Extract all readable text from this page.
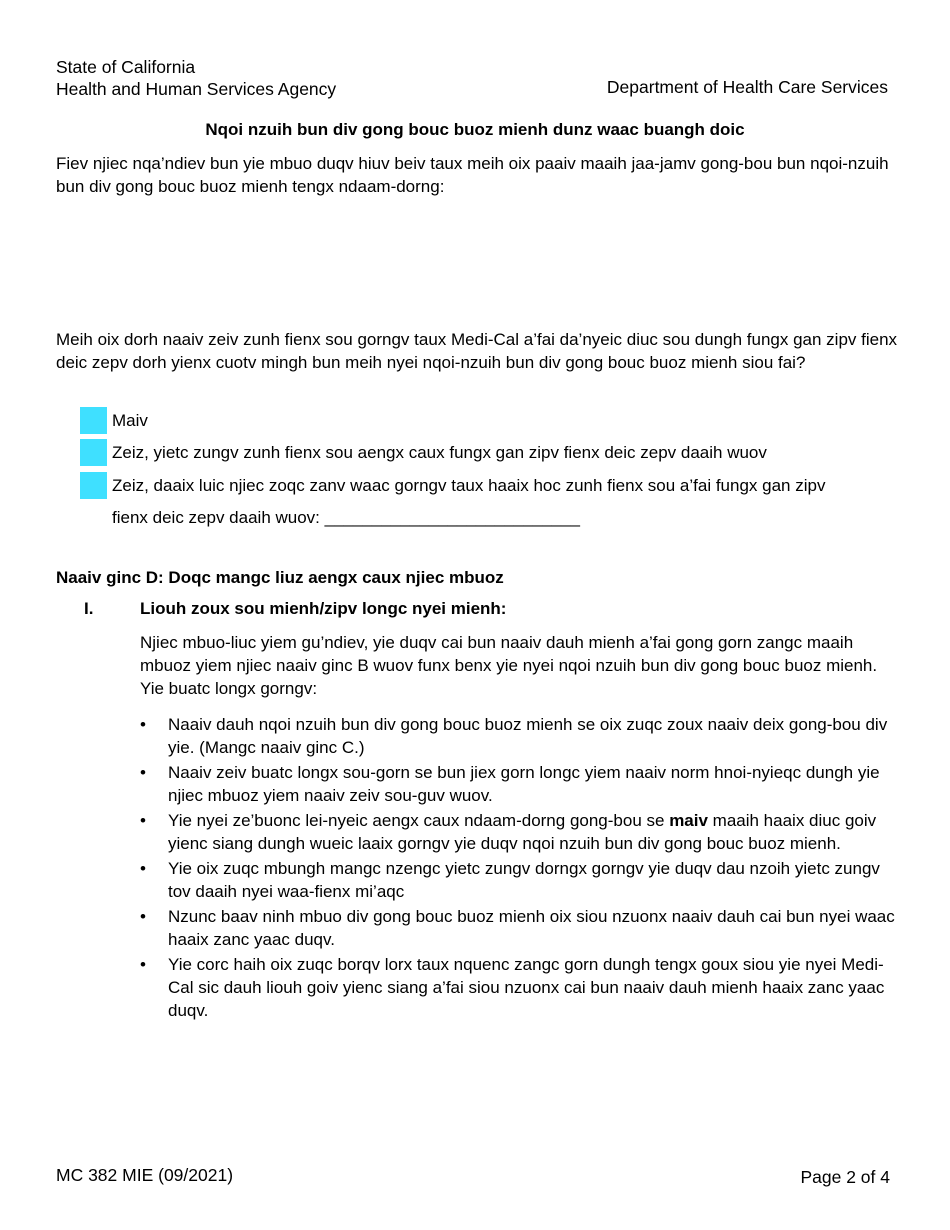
State of California
Health and Human Services Agency	Department of Health Care Services
Nqoi nzuih bun div gong bouc buoz mienh dunz waac buangh doic
Fiev njiec nqa’ndiev bun yie mbuo duqv hiuv beiv taux meih oix paaiv maaih jaa-jamv gong-bou bun nqoi-nzuih bun div gong bouc buoz mienh tengx ndaam-dorng:
Meih oix dorh naaiv zeiv zunh fienx sou gorngv taux Medi-Cal a’fai da’nyeic diuc sou dungh fungx gan zipv fienx deic zepv dorh yienx cuotv mingh bun meih nyei nqoi-nzuih bun div gong bouc buoz mienh siou fai?
Maiv
Zeiz, yietc zungv zunh fienx sou aengx caux fungx gan zipv fienx deic zepv daaih wuov
Zeiz, daaix luic njiec zoqc zanv waac gorngv taux haaix hoc zunh fienx sou a’fai fungx gan zipv
fienx deic zepv daaih wuov: ___________________________
Naaiv ginc D: Doqc mangc liuz aengx caux njiec mbuoz
I.	Liouh zoux sou mienh/zipv longc nyei mienh:
Njiec mbuo-liuc yiem gu’ndiev, yie duqv cai bun naaiv dauh mienh a’fai gong gorn zangc maaih mbuoz yiem njiec naaiv ginc B wuov funx benx yie nyei nqoi nzuih bun div gong bouc buoz mienh. Yie buatc longx gorngv:
• Naaiv dauh nqoi nzuih bun div gong bouc buoz mienh se oix zuqc zoux naaiv deix gong-bou div yie. (Mangc naaiv ginc C.)
• Naaiv zeiv buatc longx sou-gorn se bun jiex gorn longc yiem naaiv norm hnoi-nyieqc dungh yie njiec mbuoz yiem naaiv zeiv sou-guv wuov.
• Yie nyei ze’buonc lei-nyeic aengx caux ndaam-dorng gong-bou se maiv maaih haaix diuc goiv yienc siang dungh wueic laaix gorngv yie duqv nqoi nzuih bun div gong bouc buoz mienh.
• Yie oix zuqc mbungh mangc nzengc yietc zungv dorngx gorngv yie duqv dau nzoih yietc zungv tov daaih nyei waa-fienx mi’aqc
• Nzunc baav ninh mbuo div gong bouc buoz mienh oix siou nzuonx naaiv dauh cai bun nyei waac haaix zanc yaac duqv.
• Yie corc haih oix zuqc borqv lorx taux nquenc zangc gorn dungh tengx goux siou yie nyei Medi-Cal sic dauh liouh goiv yienc siang a’fai siou nzuonx cai bun naaiv dauh mienh haaix zanc yaac duqv.
MC 382 MIE (09/2021)	Page 2 of 4
